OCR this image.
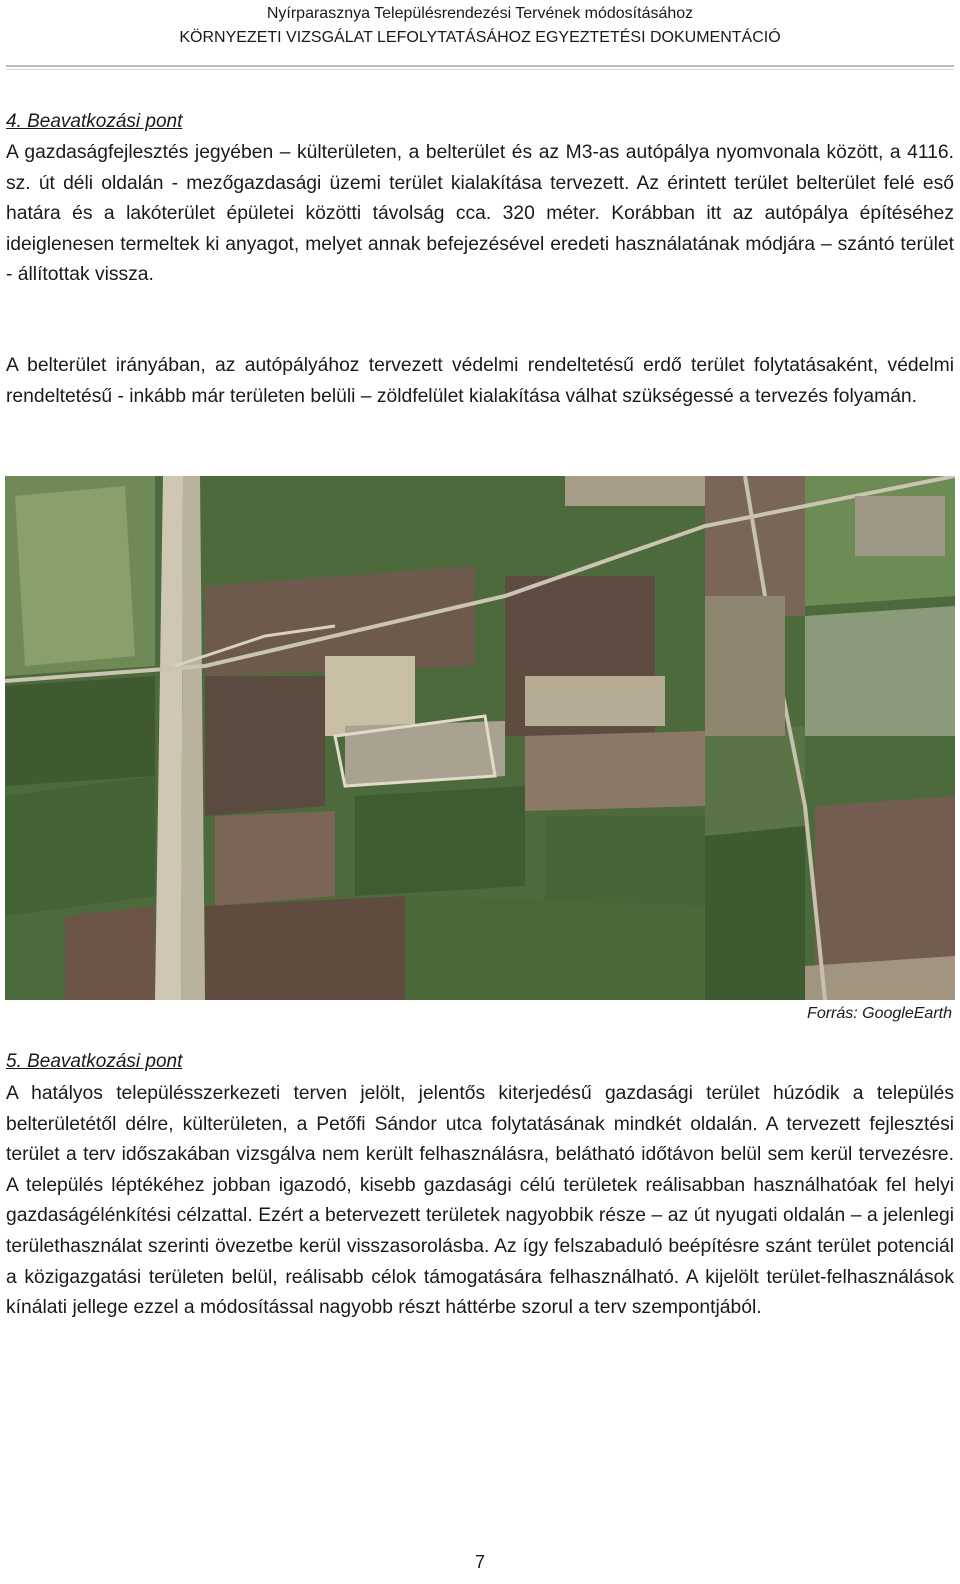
Nyírparasznya Településrendezési Tervének módosításához
KÖRNYEZETI VIZSGÁLAT LEFOLYTATÁSÁHOZ EGYEZTETÉSI DOKUMENTÁCIÓ
4. Beavatkozási pont

A gazdaságfejlesztés jegyében – külterületen, a belterület és az M3-as autópálya nyomvonala között, a 4116. sz. út déli oldalán - mezőgazdasági üzemi terület kialakítása tervezett. Az érintett terület belterület felé eső határa és a lakóterület épületei közötti távolság cca. 320 méter. Korábban itt az autópálya építéséhez ideiglenesen termeltek ki anyagot, melyet annak befejezésével eredeti használatának módjára – szántó terület - állítottak vissza.

A belterület irányában, az autópályához tervezett védelmi rendeltetésű erdő terület folytatásaként, védelmi rendeltetésű - inkább már területen belüli – zöldfelület kialakítása válhat szükségessé a tervezés folyamán.

Forrás: GoogleEarth
5. Beavatkozási pont

A hatályos településszerkezeti terven jelölt, jelentős kiterjedésű gazdasági terület húzódik a település belterületétől délre, külterületen, a Petőfi Sándor utca folytatásának mindkét oldalán. A tervezett fejlesztési terület a terv időszakában vizsgálva nem került felhasználásra, belátható időtávon belül sem kerül tervezésre. A település léptékéhez jobban igazodó, kisebb gazdasági célú területek reálisabban használhatóak fel helyi gazdaságélénkítési célzattal. Ezért a betervezett területek nagyobbik része – az út nyugati oldalán – a jelenlegi területhasználat szerinti övezetbe kerül visszasorolásba. Az így felszabaduló beépítésre szánt terület potenciál a közigazgatási területen belül, reálisabb célok támogatására felhasználható. A kijelölt terület-felhasználások kínálati jellege ezzel a módosítással nagyobb részt háttérbe szorul a terv szempontjából.

7
